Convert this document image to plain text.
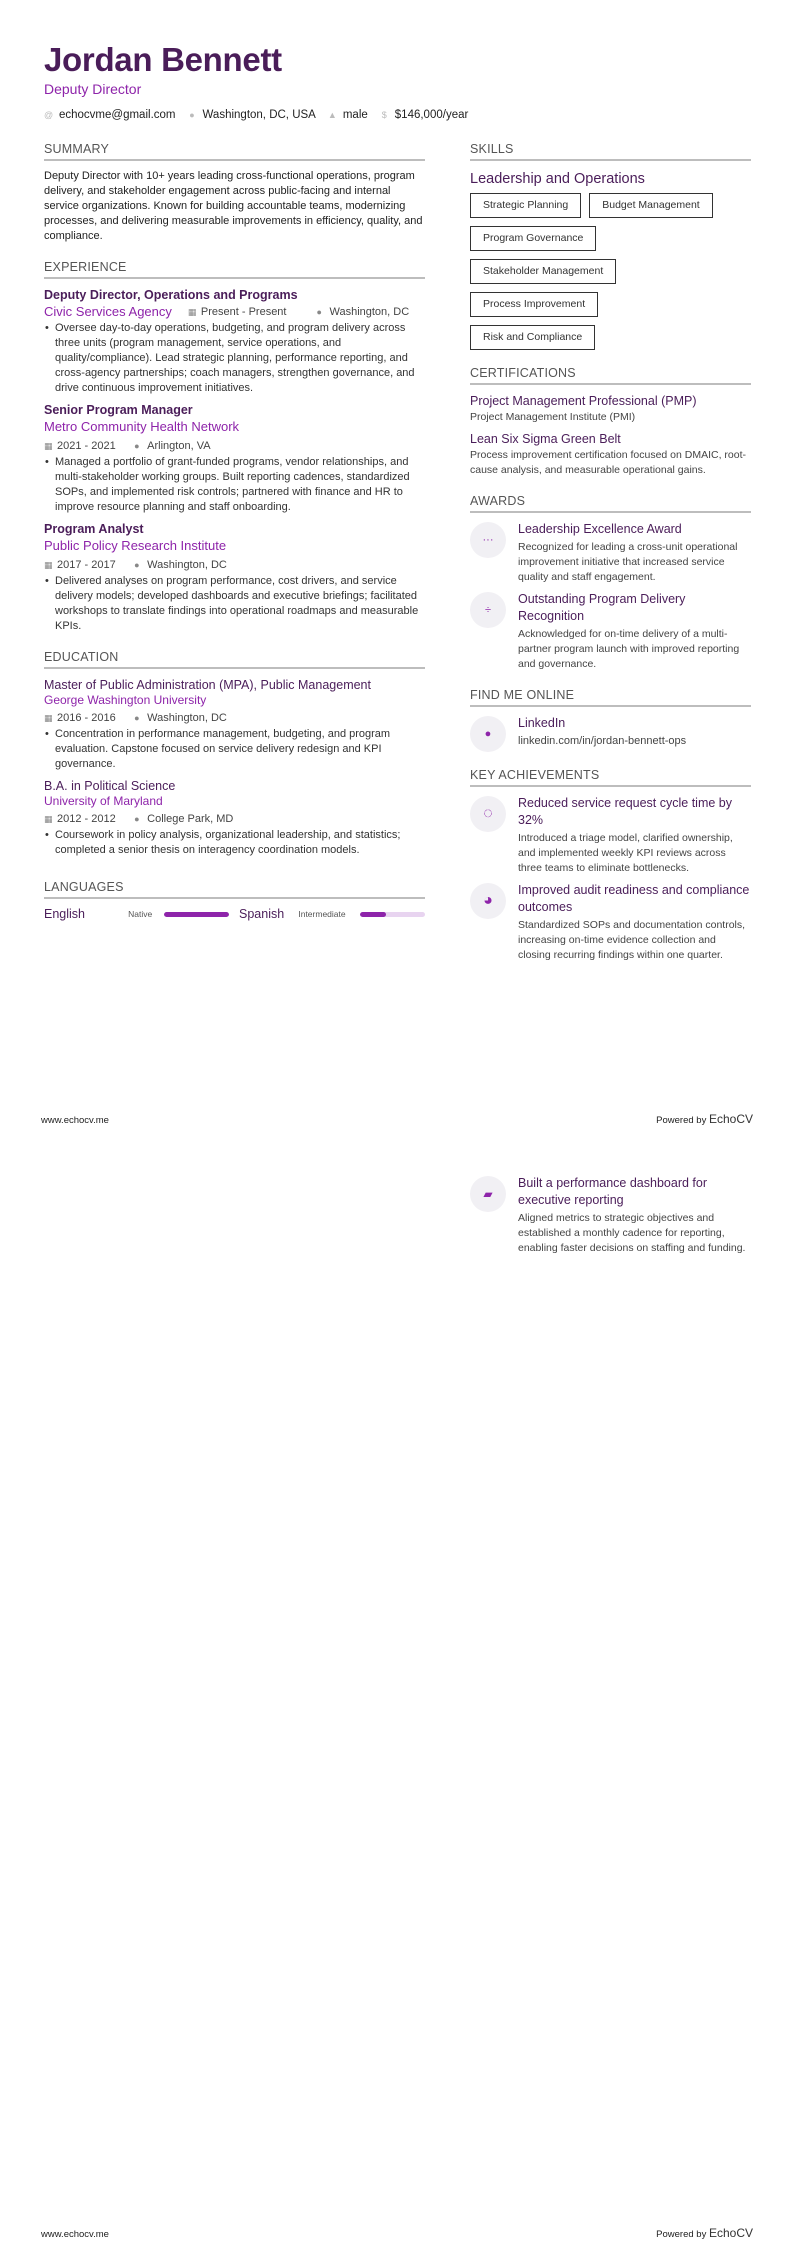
Jordan Bennett
Deputy Director
@ echocvme@gmail.com ● Washington, DC, USA ▲ male $ $146,000/year
SUMMARY
Deputy Director with 10+ years leading cross-functional operations, program delivery, and stakeholder engagement across public-facing and internal service organizations. Known for building accountable teams, modernizing processes, and delivering measurable improvements in efficiency, quality, and compliance.
EXPERIENCE
Deputy Director, Operations and Programs
Civic Services Agency ▦ Present - Present	● Washington, DC
• Oversee day-to-day operations, budgeting, and program delivery across three units (program management, service operations, and quality/compliance). Lead strategic planning, performance reporting, and cross-agency partnerships; coach managers, strengthen governance, and drive continuous improvement initiatives.
Senior Program Manager
Metro Community Health Network
▦ 2021 - 2021
● Arlington, VA
• Managed a portfolio of grant-funded programs, vendor relationships, and multi-stakeholder working groups. Built reporting cadences, standardized SOPs, and implemented risk controls; partnered with finance and HR to improve resource planning and staff onboarding.
Program Analyst
Public Policy Research Institute
▦ 2017 - 2017
● Washington, DC
• Delivered analyses on program performance, cost drivers, and service delivery models; developed dashboards and executive briefings; facilitated workshops to translate findings into operational roadmaps and measurable KPIs.
EDUCATION
Master of Public Administration (MPA), Public Management
George Washington University
▦ 2016 - 2016
● Washington, DC
• Concentration in performance management, budgeting, and program evaluation. Capstone focused on service delivery redesign and KPI governance.
B.A. in Political Science
University of Maryland
▦ 2012 - 2012
● College Park, MD
• Coursework in policy analysis, organizational leadership, and statistics; completed a senior thesis on interagency coordination models.
LANGUAGES
English	Native	Spanish	Intermediate
SKILLS
Leadership and Operations
Strategic Planning	Budget Management
Program Governance
Stakeholder Management
Process Improvement
Risk and Compliance
CERTIFICATIONS
Project Management Professional (PMP)
Project Management Institute (PMI)
Lean Six Sigma Green Belt
Process improvement certification focused on DMAIC, root-cause analysis, and measurable operational gains.
AWARDS
···
Leadership Excellence Award
Recognized for leading a cross-unit operational improvement initiative that increased service quality and staff engagement.
÷
Outstanding Program Delivery Recognition
Acknowledged for on-time delivery of a multi-partner program launch with improved reporting and governance.
FIND ME ONLINE
●
LinkedIn
linkedin.com/in/jordan-bennett-ops
KEY ACHIEVEMENTS
◌
Reduced service request cycle time by 32%
Introduced a triage model, clarified ownership, and implemented weekly KPI reviews across three teams to eliminate bottlenecks.
◕
Improved audit readiness and compliance outcomes
Standardized SOPs and documentation controls, increasing on-time evidence collection and closing recurring findings within one quarter.
www.echocv.me	Powered by EchoCV
▰
Built a performance dashboard for executive reporting
Aligned metrics to strategic objectives and established a monthly cadence for reporting, enabling faster decisions on staffing and funding.
www.echocv.me	Powered by EchoCV
